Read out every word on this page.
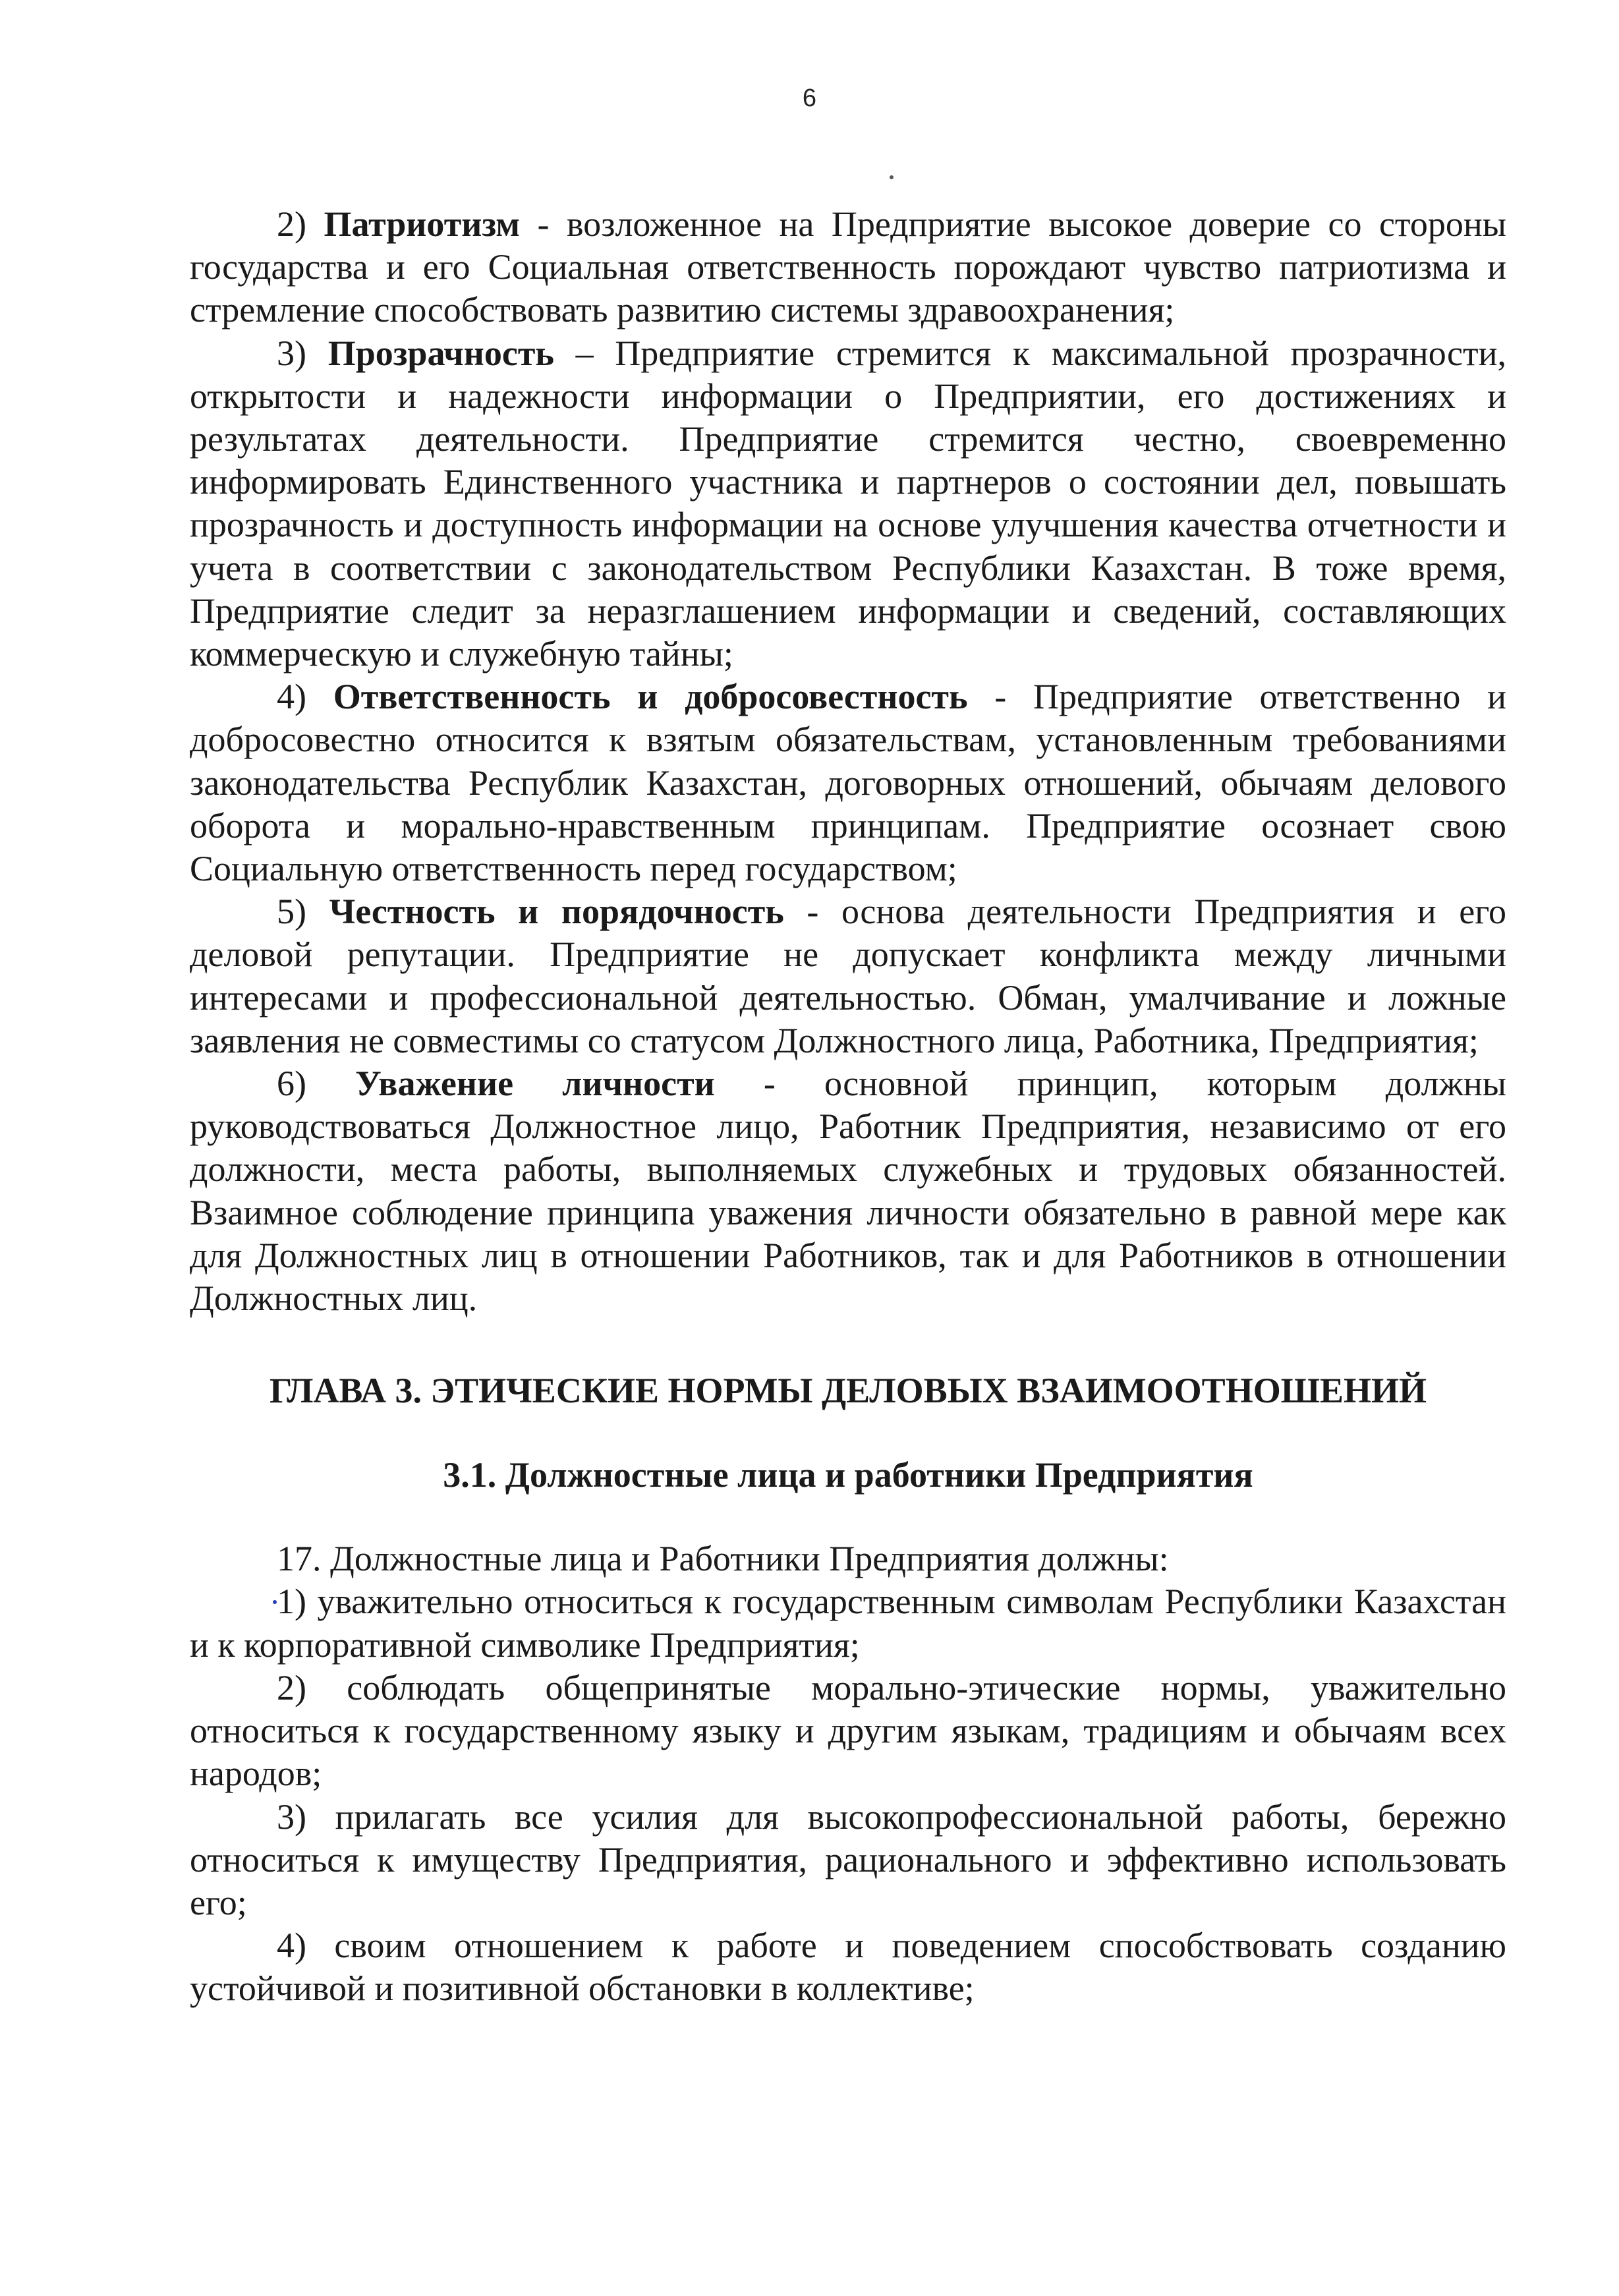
6

2) Патриотизм - возложенное на Предприятие высокое доверие со стороны государства и его Социальная ответственность порождают чувство патриотизма и стремление способствовать развитию системы здравоохранения;

3) Прозрачность – Предприятие стремится к максимальной прозрачности, открытости и надежности информации о Предприятии, его достижениях и результатах деятельности. Предприятие стремится честно, своевременно информировать Единственного участника и партнеров о состоянии дел, повышать прозрачность и доступность информации на основе улучшения качества отчетности и учета в соответствии с законодательством Республики Казахстан. В тоже время, Предприятие следит за неразглашением информации и сведений, составляющих коммерческую и служебную тайны;

4) Ответственность и добросовестность - Предприятие ответственно и добросовестно относится к взятым обязательствам, установленным требованиями законодательства Республик Казахстан, договорных отношений, обычаям делового оборота и морально-нравственным принципам. Предприятие осознает свою Социальную ответственность перед государством;

5) Честность и порядочность - основа деятельности Предприятия и его деловой репутации. Предприятие не допускает конфликта между личными интересами и профессиональной деятельностью. Обман, умалчивание и ложные заявления не совместимы со статусом Должностного лица, Работника, Предприятия;

6) Уважение личности - основной принцип, которым должны руководствоваться Должностное лицо, Работник Предприятия, независимо от его должности, места работы, выполняемых служебных и трудовых обязанностей. Взаимное соблюдение принципа уважения личности обязательно в равной мере как для Должностных лиц в отношении Работников, так и для Работников в отношении Должностных лиц.

ГЛАВА 3. ЭТИЧЕСКИЕ НОРМЫ ДЕЛОВЫХ ВЗАИМООТНОШЕНИЙ
3.1. Должностные лица и работники Предприятия

17. Должностные лица и Работники Предприятия должны:

1) уважительно относиться к государственным символам Республики Казахстан и к корпоративной символике Предприятия;

2) соблюдать общепринятые морально-этические нормы, уважительно относиться к государственному языку и другим языкам, традициям и обычаям всех народов;

3) прилагать все усилия для высокопрофессиональной работы, бережно относиться к имуществу Предприятия, рационального и эффективно использовать его;

4) своим отношением к работе и поведением способствовать созданию устойчивой и позитивной обстановки в коллективе;
